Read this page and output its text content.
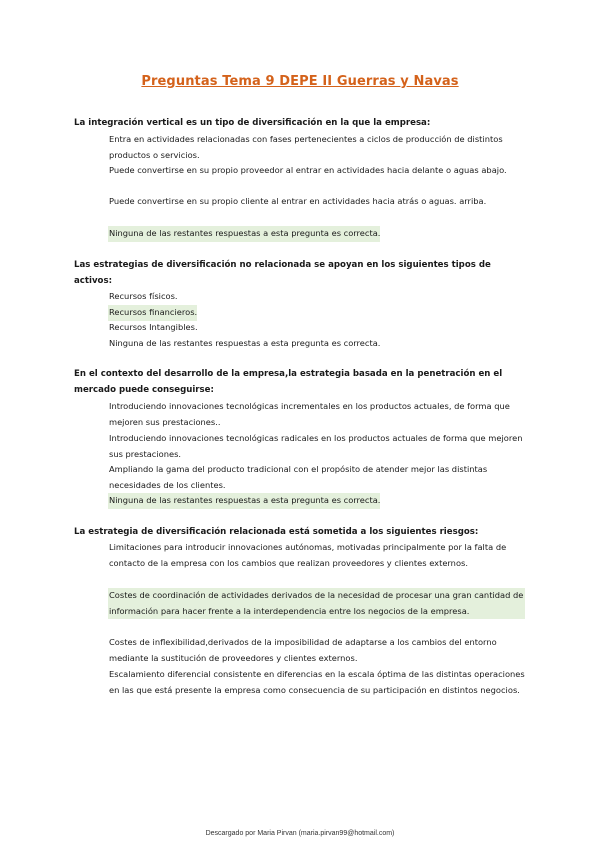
Preguntas Tema 9 DEPE II Guerras y Navas
La integración vertical es un tipo de diversificación en la que la empresa:
Entra en actividades relacionadas con fases pertenecientes a ciclos de producción de distintos productos o servicios.
Puede convertirse en su propio proveedor al entrar en actividades hacia delante o aguas abajo.
Puede convertirse en su propio cliente al entrar en actividades hacia atrás o aguas. arriba.
Ninguna de las restantes respuestas a esta pregunta es correcta.
Las estrategias de diversificación no relacionada se apoyan en los siguientes tipos de activos:
Recursos físicos.
Recursos financieros.
Recursos Intangibles.
Ninguna de las restantes respuestas a esta pregunta es correcta.
En el contexto del desarrollo de la empresa,la estrategia basada en la penetración en el mercado puede conseguirse:
Introduciendo innovaciones tecnológicas incrementales en los productos actuales, de forma que mejoren sus prestaciones..
Introduciendo innovaciones tecnológicas radicales en los productos actuales de forma que mejoren sus prestaciones.
Ampliando la gama del producto tradicional con el propósito de atender mejor las distintas necesidades de los clientes.
Ninguna de las restantes respuestas a esta pregunta es correcta.
La estrategia de diversificación relacionada está sometida a los siguientes riesgos:
Limitaciones para introducir innovaciones autónomas, motivadas principalmente por la falta de contacto de la empresa con los cambios que realizan proveedores y clientes externos.
Costes de coordinación de actividades derivados de la necesidad de procesar una gran cantidad de información para hacer frente a la interdependencia entre los negocios de la empresa.
Costes de inflexibilidad,derivados de la imposibilidad de adaptarse a los cambios del entorno mediante la sustitución de proveedores y clientes externos.
Escalamiento diferencial consistente en diferencias en la escala óptima de las distintas operaciones en las que está presente la empresa como consecuencia de su participación en distintos negocios.
Descargado por Maria Pirvan (maria.pirvan99@hotmail.com)
